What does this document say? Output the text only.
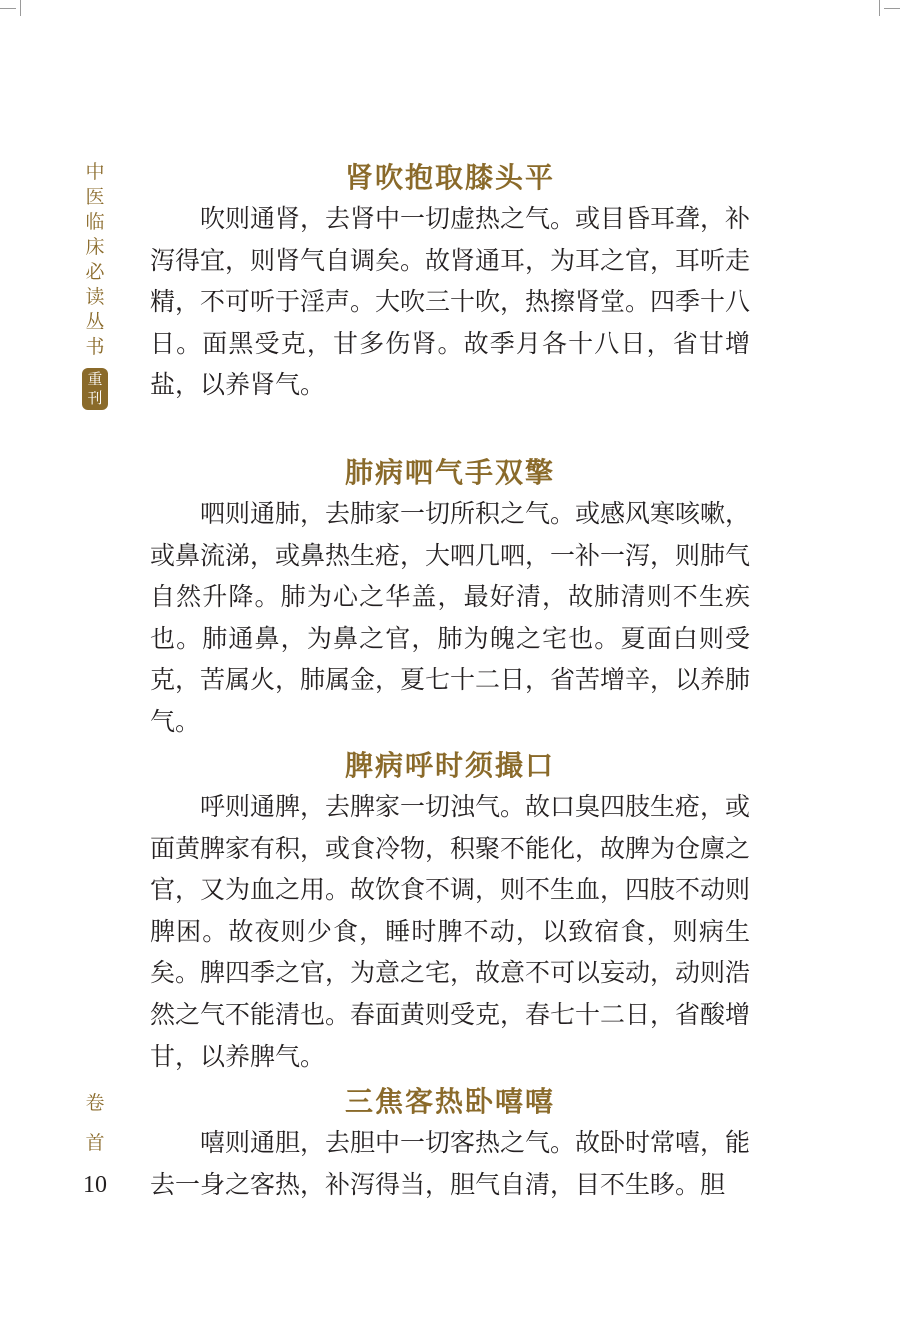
中
医
临
床
必
读
丛
书
重
刊
卷
首
10
肾吹抱取膝头平

吹则通肾，去肾中一切虚热之气。或目昏耳聋，补泻得宜，则肾气自调矣。故肾通耳，为耳之官，耳听走精，不可听于淫声。大吹三十吹，热擦肾堂。四季十八日。面黑受克，甘多伤肾。故季月各十八日，省甘增盐，以养肾气。

肺病呬气手双擎

呬则通肺，去肺家一切所积之气。或感风寒咳嗽，或鼻流涕，或鼻热生疮，大呬几呬，一补一泻，则肺气自然升降。肺为心之华盖，最好清，故肺清则不生疾也。肺通鼻，为鼻之官，肺为魄之宅也。夏面白则受克，苦属火，肺属金，夏七十二日，省苦增辛，以养肺气。

脾病呼时须撮口

呼则通脾，去脾家一切浊气。故口臭四肢生疮，或面黄脾家有积，或食冷物，积聚不能化，故脾为仓廪之官，又为血之用。故饮食不调，则不生血，四肢不动则脾困。故夜则少食，睡时脾不动，以致宿食，则病生矣。脾四季之官，为意之宅，故意不可以妄动，动则浩然之气不能清也。春面黄则受克，春七十二日，省酸增甘，以养脾气。

三焦客热卧嘻嘻

嘻则通胆，去胆中一切客热之气。故卧时常嘻，能去一身之客热，补泻得当，胆气自清，目不生眵。胆
